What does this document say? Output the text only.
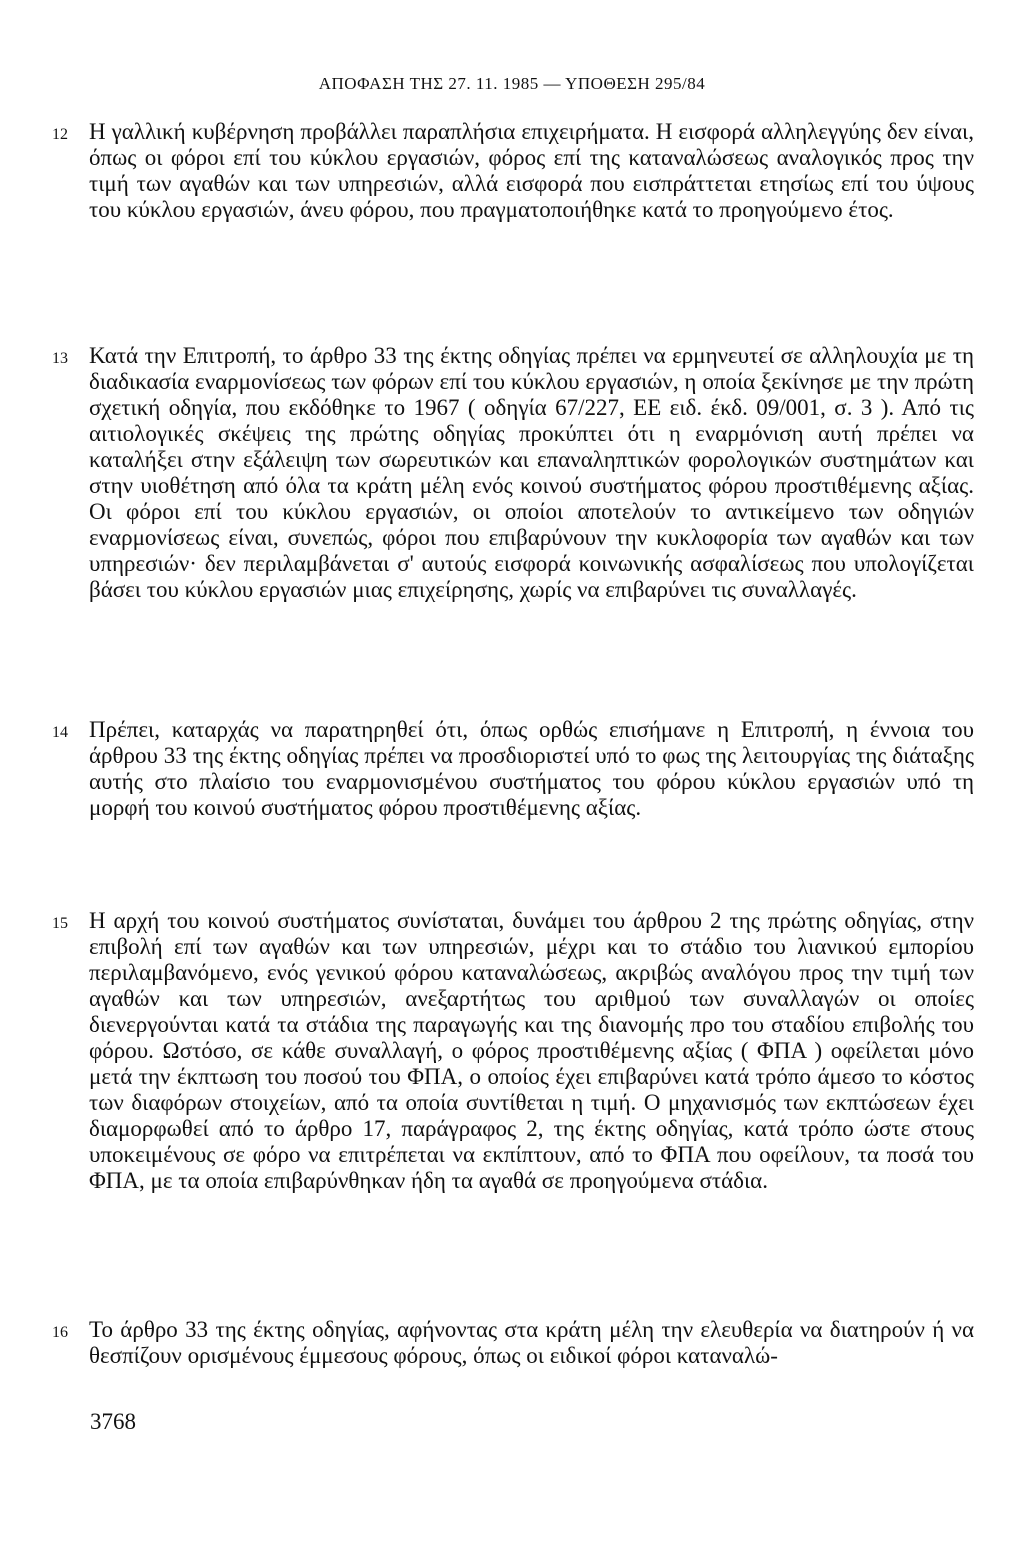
ΑΠΟΦΑΣΗ ΤΗΣ 27. 11. 1985 — ΥΠΟΘΕΣΗ 295/84
12 Η γαλλική κυβέρνηση προβάλλει παραπλήσια επιχειρήματα. Η εισφορά αλληλεγγύης δεν είναι, όπως οι φόροι επί του κύκλου εργασιών, φόρος επί της καταναλώσεως αναλογικός προς την τιμή των αγαθών και των υπηρεσιών, αλλά εισφορά που εισπράττεται ετησίως επί του ύψους του κύκλου εργασιών, άνευ φόρου, που πραγματοποιήθηκε κατά το προηγούμενο έτος.
13 Κατά την Επιτροπή, το άρθρο 33 της έκτης οδηγίας πρέπει να ερμηνευτεί σε αλληλουχία με τη διαδικασία εναρμονίσεως των φόρων επί του κύκλου εργασιών, η οποία ξεκίνησε με την πρώτη σχετική οδηγία, που εκδόθηκε το 1967 ( οδηγία 67/227, ΕΕ ειδ. έκδ. 09/001, σ. 3 ). Από τις αιτιολογικές σκέψεις της πρώτης οδηγίας προκύπτει ότι η εναρμόνιση αυτή πρέπει να καταλήξει στην εξάλειψη των σωρευτικών και επαναληπτικών φορολογικών συστημάτων και στην υιοθέτηση από όλα τα κράτη μέλη ενός κοινού συστήματος φόρου προστιθέμενης αξίας. Οι φόροι επί του κύκλου εργασιών, οι οποίοι αποτελούν το αντικείμενο των οδηγιών εναρμονίσεως είναι, συνεπώς, φόροι που επιβαρύνουν την κυκλοφορία των αγαθών και των υπηρεσιών· δεν περιλαμβάνεται σ' αυτούς εισφορά κοινωνικής ασφαλίσεως που υπολογίζεται βάσει του κύκλου εργασιών μιας επιχείρησης, χωρίς να επιβαρύνει τις συναλλαγές.
14 Πρέπει, καταρχάς να παρατηρηθεί ότι, όπως ορθώς επισήμανε η Επιτροπή, η έννοια του άρθρου 33 της έκτης οδηγίας πρέπει να προσδιοριστεί υπό το φως της λειτουργίας της διάταξης αυτής στο πλαίσιο του εναρμονισμένου συστήματος του φόρου κύκλου εργασιών υπό τη μορφή του κοινού συστήματος φόρου προστιθέμενης αξίας.
15 Η αρχή του κοινού συστήματος συνίσταται, δυνάμει του άρθρου 2 της πρώτης οδηγίας, στην επιβολή επί των αγαθών και των υπηρεσιών, μέχρι και το στάδιο του λιανικού εμπορίου περιλαμβανόμενο, ενός γενικού φόρου καταναλώσεως, ακριβώς αναλόγου προς την τιμή των αγαθών και των υπηρεσιών, ανεξαρτήτως του αριθμού των συναλλαγών οι οποίες διενεργούνται κατά τα στάδια της παραγωγής και της διανομής προ του σταδίου επιβολής του φόρου. Ωστόσο, σε κάθε συναλλαγή, ο φόρος προστιθέμενης αξίας ( ΦΠΑ ) οφείλεται μόνο μετά την έκπτωση του ποσού του ΦΠΑ, ο οποίος έχει επιβαρύνει κατά τρόπο άμεσο το κόστος των διαφόρων στοιχείων, από τα οποία συντίθεται η τιμή. Ο μηχανισμός των εκπτώσεων έχει διαμορφωθεί από το άρθρο 17, παράγραφος 2, της έκτης οδηγίας, κατά τρόπο ώστε στους υποκειμένους σε φόρο να επιτρέπεται να εκπίπτουν, από το ΦΠΑ που οφείλουν, τα ποσά του ΦΠΑ, με τα οποία επιβαρύνθηκαν ήδη τα αγαθά σε προηγούμενα στάδια.
16 Το άρθρο 33 της έκτης οδηγίας, αφήνοντας στα κράτη μέλη την ελευθερία να διατηρούν ή να θεσπίζουν ορισμένους έμμεσους φόρους, όπως οι ειδικοί φόροι καταναλώ-
3768
